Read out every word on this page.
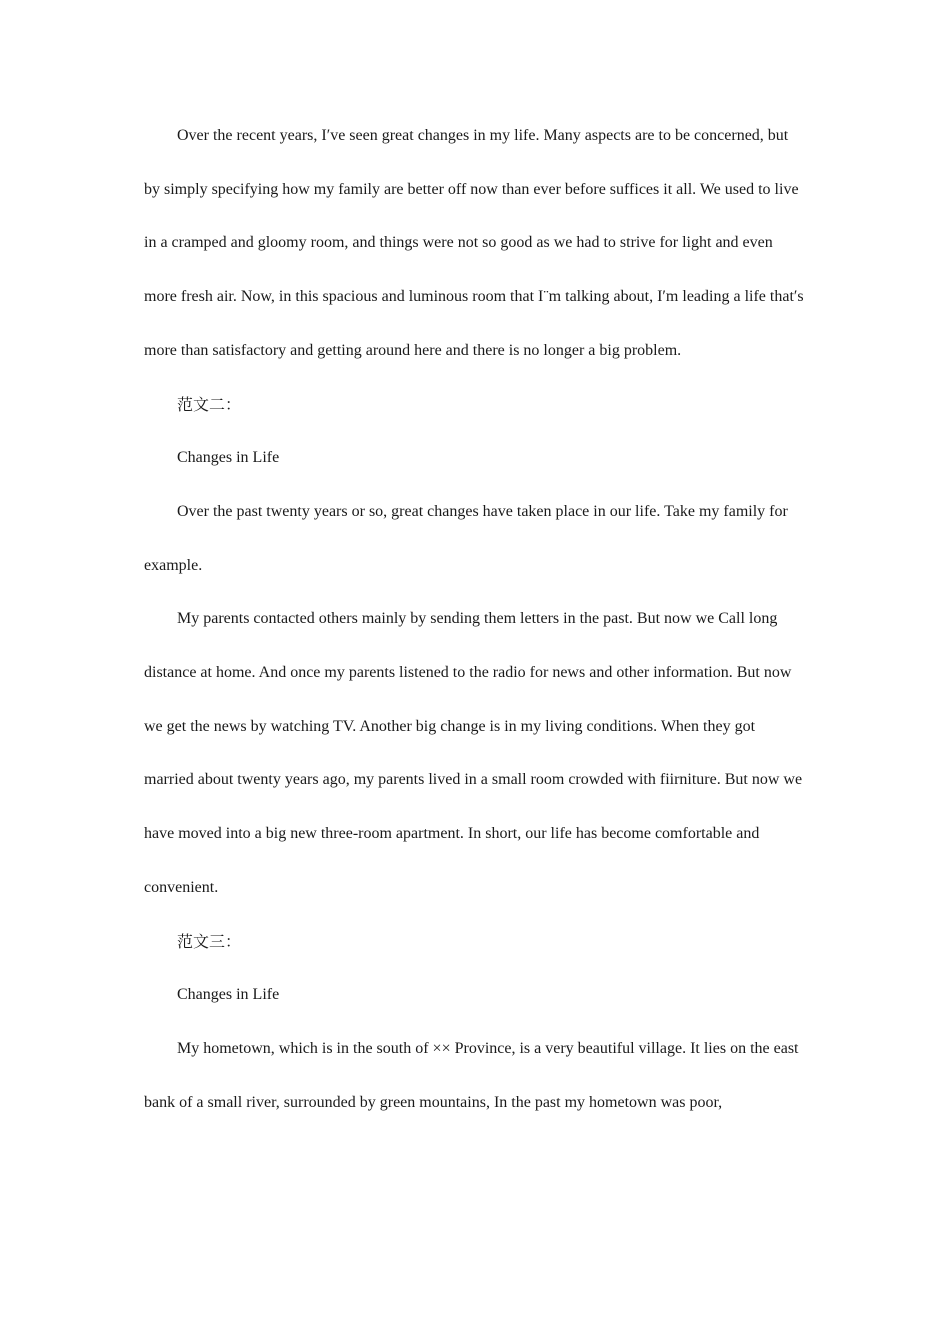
Over the recent years, I′ve seen great changes in my life. Many aspects are to be concerned, but by simply specifying how my family are better off now than ever before suffices it all. We used to live in a cramped and gloomy room, and things were not so good as we had to strive for light and even more fresh air. Now, in this spacious and luminous room that I¨m talking about, I′m leading a life that′s more than satisfactory and getting around here and there is no longer a big problem.

范文二：

Changes in Life

Over the past twenty years or so, great changes have taken place in our life. Take my family for example.

My parents contacted others mainly by sending them letters in the past. But now we Call long distance at home. And once my parents listened to the radio for news and other information. But now we get the news by watching TV. Another big change is in my living conditions. When they got married about twenty years ago, my parents lived in a small room crowded with fiirniture. But now we have moved into a big new three-room apartment. In short, our life has become comfortable and convenient.

范文三：

Changes in Life

My hometown, which is in the south of ×× Province, is a very beautiful village. It lies on the east bank of a small river, surrounded by green mountains, In the past my hometown was poor,
